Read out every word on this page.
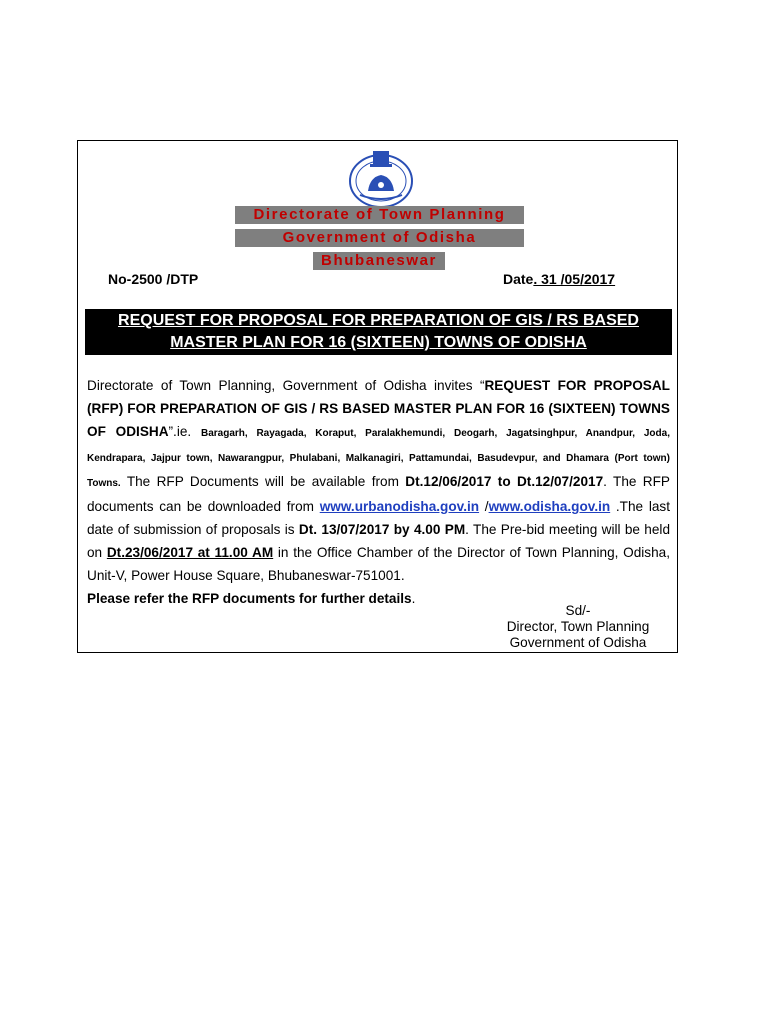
Directorate of Town Planning
Government of Odisha
Bhubaneswar
No-2500 /DTP	Date. 31 /05/2017
REQUEST FOR PROPOSAL FOR PREPARATION OF GIS / RS BASED
MASTER PLAN FOR 16 (SIXTEEN) TOWNS OF ODISHA
Directorate of Town Planning, Government of Odisha invites “REQUEST FOR PROPOSAL (RFP) FOR PREPARATION OF GIS / RS BASED MASTER PLAN FOR 16 (SIXTEEN) TOWNS OF ODISHA”.ie. Baragarh, Rayagada, Koraput, Paralakhemundi, Deogarh, Jagatsinghpur, Anandpur, Joda, Kendrapara, Jajpur town, Nawarangpur, Phulabani, Malkanagiri, Pattamundai, Basudevpur, and Dhamara (Port town) Towns. The RFP Documents will be available from Dt.12/06/2017 to Dt.12/07/2017. The RFP documents can be downloaded from www.urbanodisha.gov.in /www.odisha.gov.in .The last date of submission of proposals is Dt. 13/07/2017 by 4.00 PM. The Pre-bid meeting will be held on Dt.23/06/2017 at 11.00 AM in the Office Chamber of the Director of Town Planning, Odisha, Unit-V, Power House Square, Bhubaneswar-751001.
Please refer the RFP documents for further details.
Sd/-
Director, Town Planning
Government of Odisha
